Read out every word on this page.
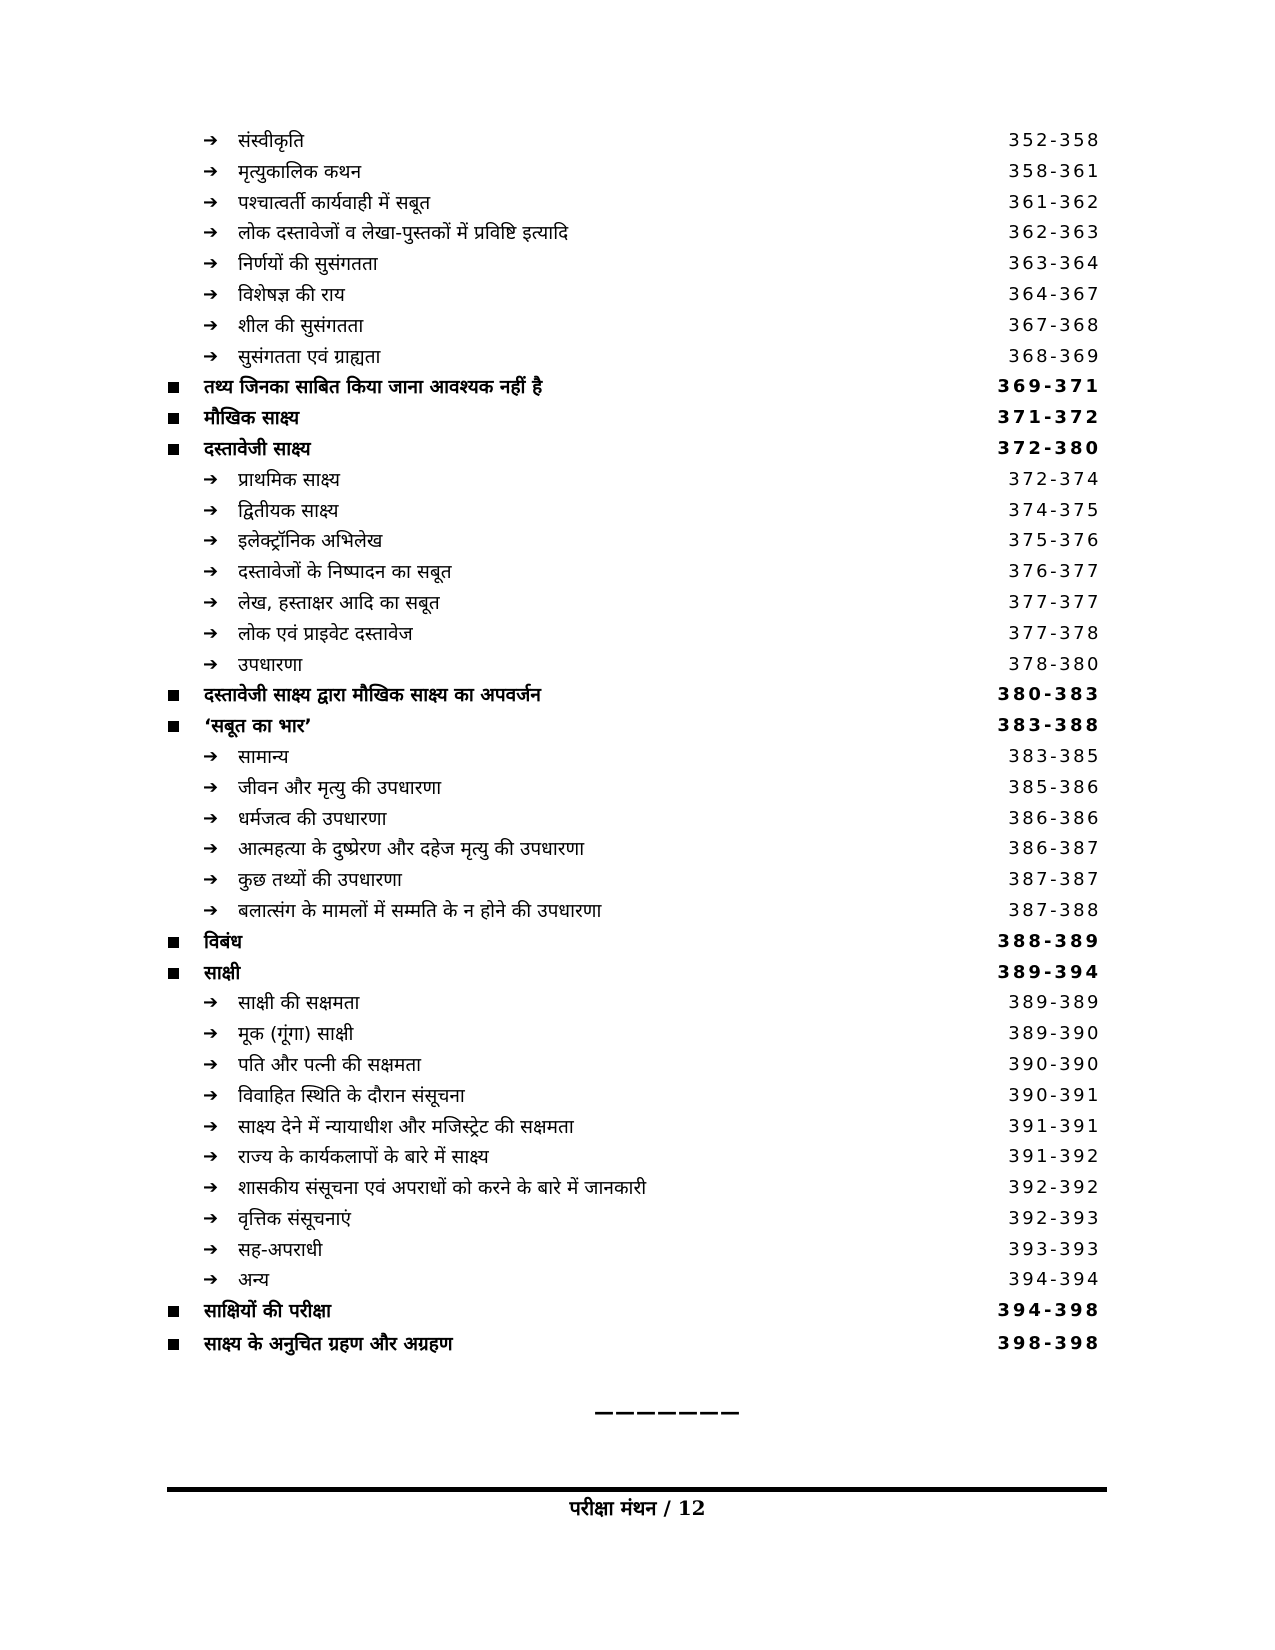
➔ संस्वीकृति	352-358
➔ मृत्युकालिक कथन	358-361
➔ पश्चात्वर्ती कार्यवाही में सबूत	361-362
➔ लोक दस्तावेजों व लेखा-पुस्तकों में प्रविष्टि इत्यादि	362-363
➔ निर्णयों की सुसंगतता	363-364
➔ विशेषज्ञ की राय	364-367
➔ शील की सुसंगतता	367-368
➔ सुसंगतता एवं ग्राह्यता	368-369
तथ्य जिनका साबित किया जाना आवश्यक नहीं है	369-371
मौखिक साक्ष्य	371-372
दस्तावेजी साक्ष्य	372-380
➔ प्राथमिक साक्ष्य	372-374
➔ द्वितीयक साक्ष्य	374-375
➔ इलेक्ट्रॉनिक अभिलेख	375-376
➔ दस्तावेजों के निष्पादन का सबूत	376-377
➔ लेख, हस्ताक्षर आदि का सबूत	377-377
➔ लोक एवं प्राइवेट दस्तावेज	377-378
➔ उपधारणा	378-380
दस्तावेजी साक्ष्य द्वारा मौखिक साक्ष्य का अपवर्जन	380-383
‘सबूत का भार’	383-388
➔ सामान्य	383-385
➔ जीवन और मृत्यु की उपधारणा	385-386
➔ धर्मजत्व की उपधारणा	386-386
➔ आत्महत्या के दुष्प्रेरण और दहेज मृत्यु की उपधारणा	386-387
➔ कुछ तथ्यों की उपधारणा	387-387
➔ बलात्संग के मामलों में सम्मति के न होने की उपधारणा	387-388
विबंध	388-389
साक्षी	389-394
➔ साक्षी की सक्षमता	389-389
➔ मूक (गूंगा) साक्षी	389-390
➔ पति और पत्नी की सक्षमता	390-390
➔ विवाहित स्थिति के दौरान संसूचना	390-391
➔ साक्ष्य देने में न्यायाधीश और मजिस्ट्रेट की सक्षमता	391-391
➔ राज्य के कार्यकलापों के बारे में साक्ष्य	391-392
➔ शासकीय संसूचना एवं अपराधों को करने के बारे में जानकारी	392-392
➔ वृत्तिक संसूचनाएं	392-393
➔ सह-अपराधी	393-393
➔ अन्य	394-394
साक्षियों की परीक्षा	394-398
साक्ष्य के अनुचित ग्रहण और अग्रहण	398-398
———————
परीक्षा मंथन / 12
